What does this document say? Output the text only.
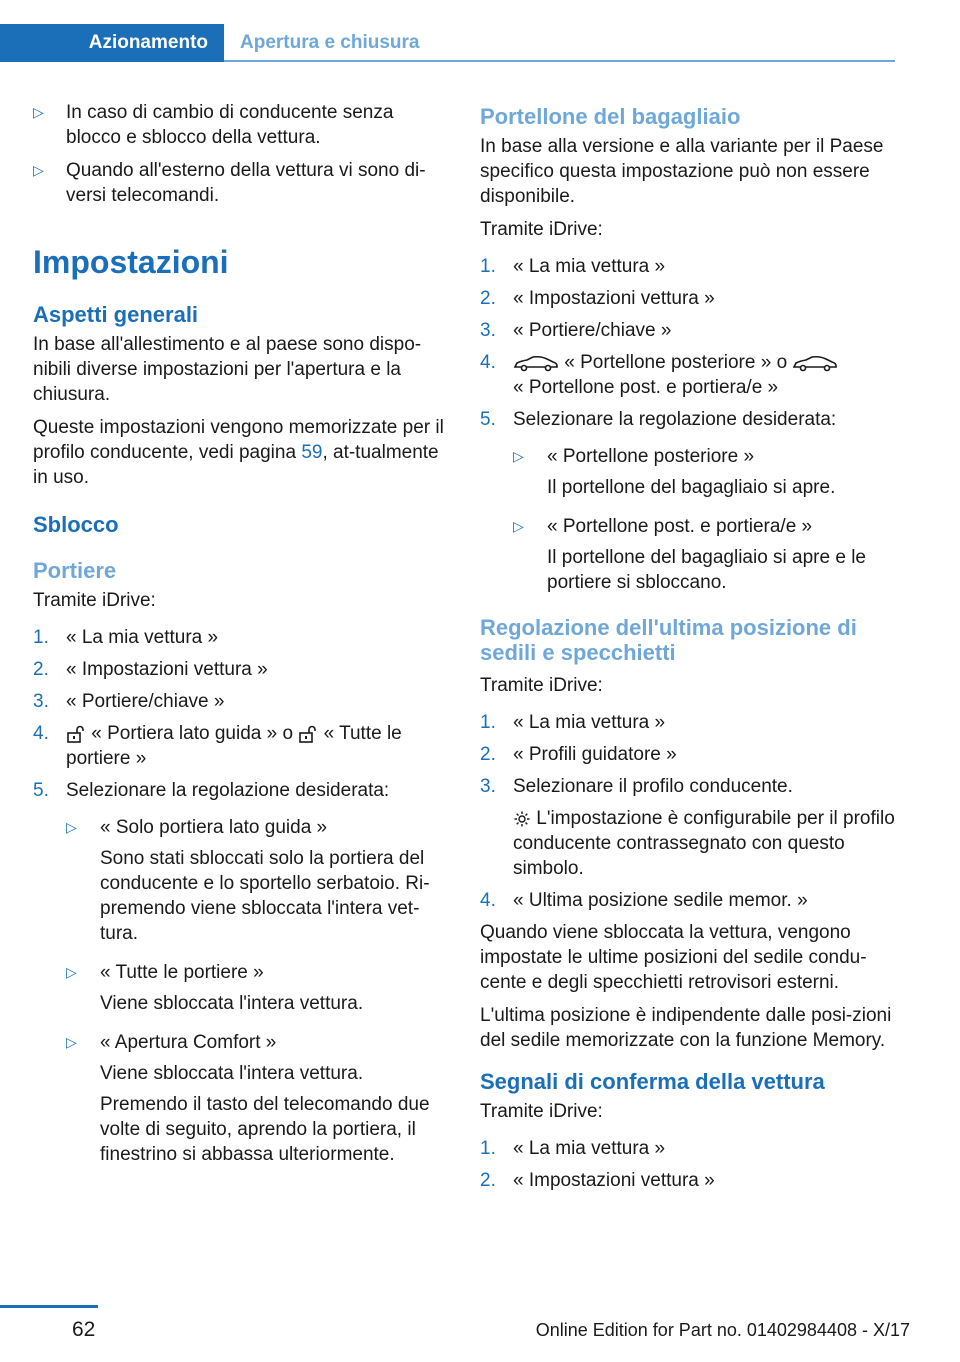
Azionamento	Apertura e chiusura
▷ In caso di cambio di conducente senza blocco e sblocco della vettura.
▷ Quando all'esterno della vettura vi sono di-versi telecomandi.
Impostazioni
Aspetti generali

In base all'allestimento e al paese sono dispo-nibili diverse impostazioni per l'apertura e la chiusura.

Queste impostazioni vengono memorizzate per il profilo conducente, vedi pagina 59, at-tualmente in uso.

Sblocco
Portiere

Tramite iDrive:

1. « La mia vettura »
2. « Impostazioni vettura »
3. « Portiere/chiave »
4. « Portiera lato guida » o  « Tutte le portiere »
5. Selezionare la regolazione desiderata:
▷ « Solo portiera lato guida »
Sono stati sbloccati solo la portiera del conducente e lo sportello serbatoio. Ri-premendo viene sbloccata l'intera vet-tura.
▷ « Tutte le portiere »
Viene sbloccata l'intera vettura.
▷ « Apertura Comfort »
Viene sbloccata l'intera vettura.
Premendo il tasto del telecomando due volte di seguito, aprendo la portiera, il finestrino si abbassa ulteriormente.
Portellone del bagagliaio

In base alla versione e alla variante per il Paese specifico questa impostazione può non essere disponibile.

Tramite iDrive:

1. « La mia vettura »
2. « Impostazioni vettura »
3. « Portiere/chiave »
4.	« Portellone posteriore » o
« Portellone post. e portiera/e »
5. Selezionare la regolazione desiderata:
▷ « Portellone posteriore »
Il portellone del bagagliaio si apre.
▷ « Portellone post. e portiera/e »
Il portellone del bagagliaio si apre e le portiere si sbloccano.
Regolazione dell'ultima posizione di sedili e specchietti

Tramite iDrive:

1. « La mia vettura »
2. « Profili guidatore »
3. Selezionare il profilo conducente.
L'impostazione è configurabile per il profilo conducente contrassegnato con questo simbolo.
4. « Ultima posizione sedile memor. »

Quando viene sbloccata la vettura, vengono impostate le ultime posizioni del sedile condu-cente e degli specchietti retrovisori esterni.

L'ultima posizione è indipendente dalle posi-zioni del sedile memorizzate con la funzione Memory.

Segnali di conferma della vettura

Tramite iDrive:

1. « La mia vettura »
2. « Impostazioni vettura »
62	Online Edition for Part no. 01402984408 - X/17
